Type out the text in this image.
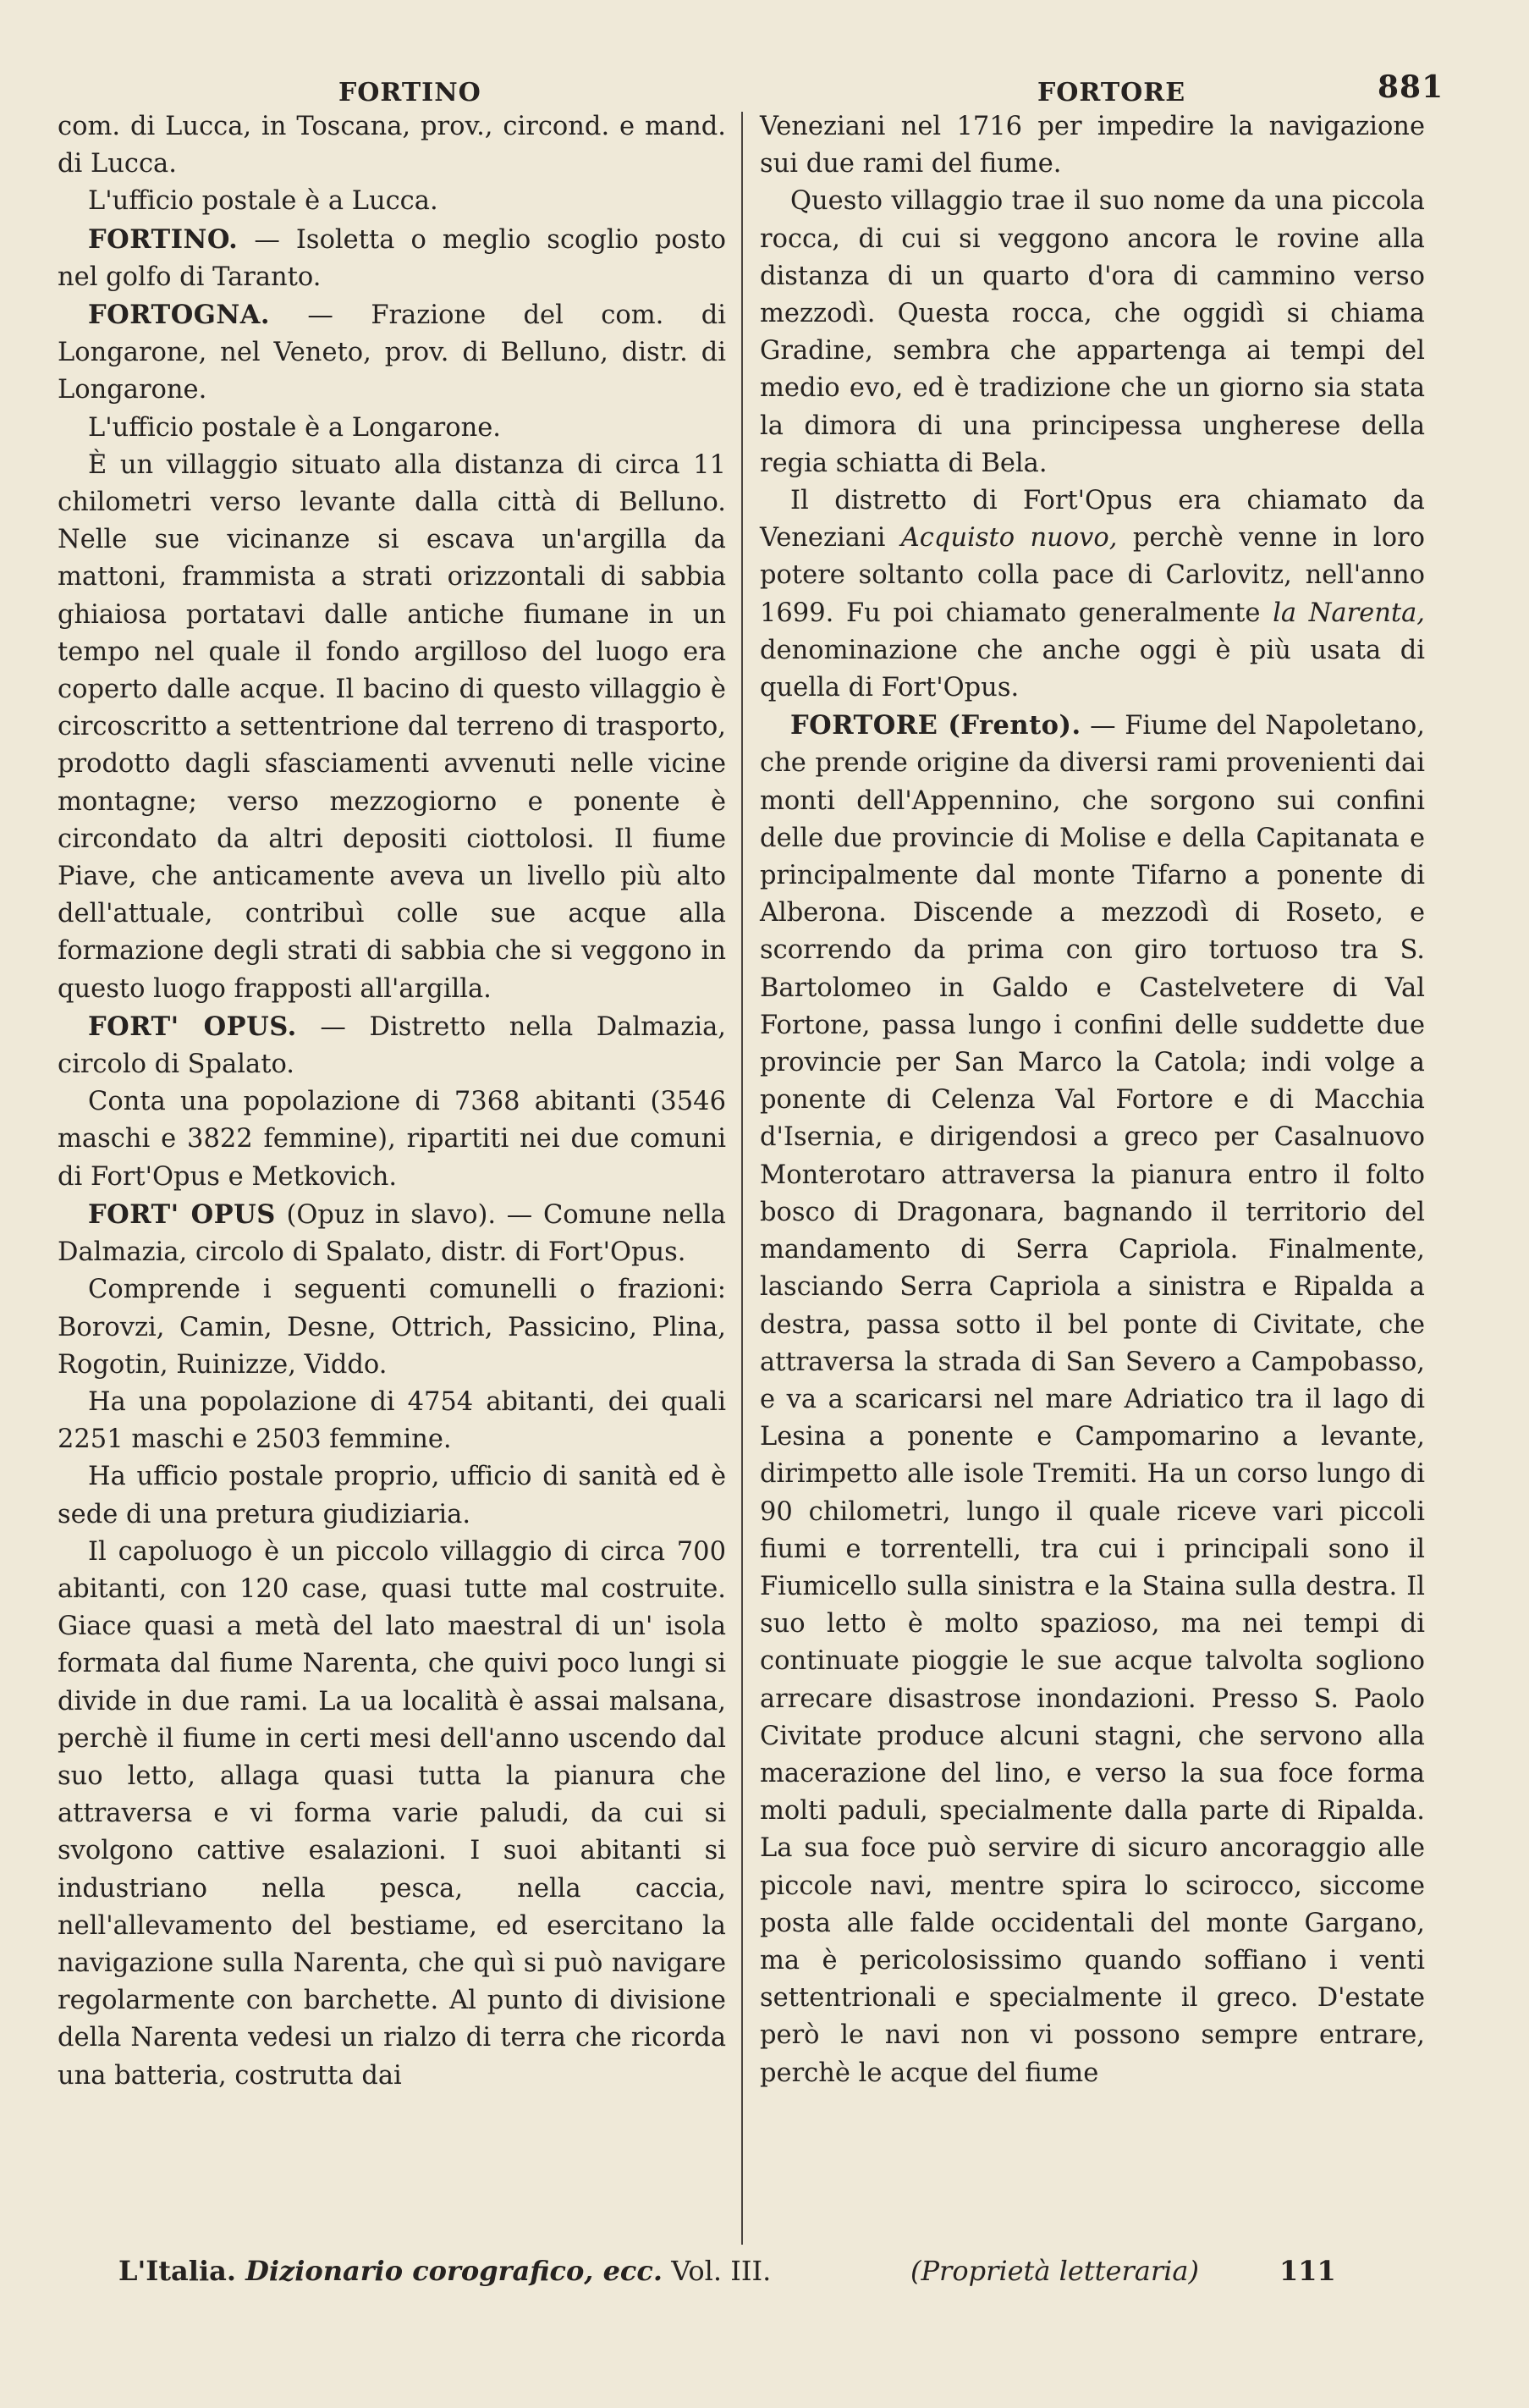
FORTINO	FORTORE	881

com. di Lucca, in Toscana, prov., circond. e mand. di Lucca.

L'ufficio postale è a Lucca.

FORTINO. — Isoletta o meglio scoglio posto nel golfo di Taranto.

FORTOGNA. — Frazione del com. di Longarone, nel Veneto, prov. di Belluno, distr. di Longarone.

L'ufficio postale è a Longarone.

È un villaggio situato alla distanza di circa 11 chilometri verso levante dalla città di Belluno. Nelle sue vicinanze si escava un'argilla da mattoni, frammista a strati orizzontali di sabbia ghiaiosa portatavi dalle antiche fiumane in un tempo nel quale il fondo argilloso del luogo era coperto dalle acque. Il bacino di questo villaggio è circoscritto a settentrione dal terreno di trasporto, prodotto dagli sfasciamenti avvenuti nelle vicine montagne; verso mezzogiorno e ponente è circondato da altri depositi ciottolosi. Il fiume Piave, che anticamente aveva un livello più alto dell'attuale, contribuì colle sue acque alla formazione degli strati di sabbia che si veggono in questo luogo frapposti all'argilla.

FORT' OPUS. — Distretto nella Dalmazia, circolo di Spalato.

Conta una popolazione di 7368 abitanti (3546 maschi e 3822 femmine), ripartiti nei due comuni di Fort'Opus e Metkovich.

FORT' OPUS (Opuz in slavo). — Comune nella Dalmazia, circolo di Spalato, distr. di Fort'Opus.

Comprende i seguenti comunelli o frazioni: Borovzi, Camin, Desne, Ottrich, Passicino, Plina, Rogotin, Ruinizze, Viddo.

Ha una popolazione di 4754 abitanti, dei quali 2251 maschi e 2503 femmine.

Ha ufficio postale proprio, ufficio di sanità ed è sede di una pretura giudiziaria.

Il capoluogo è un piccolo villaggio di circa 700 abitanti, con 120 case, quasi tutte mal costruite. Giace quasi a metà del lato maestral di un' isola formata dal fiume Narenta, che quivi poco lungi si divide in due rami. La ua località è assai malsana, perchè il fiume in certi mesi dell'anno uscendo dal suo letto, allaga quasi tutta la pianura che attraversa e vi forma varie paludi, da cui si svolgono cattive esalazioni. I suoi abitanti si industriano nella pesca, nella caccia, nell'allevamento del bestiame, ed esercitano la navigazione sulla Narenta, che quì si può navigare regolarmente con barchette. Al punto di divisione della Narenta vedesi un rialzo di terra che ricorda una batteria, costrutta dai

Veneziani nel 1716 per impedire la navigazione sui due rami del fiume.

Questo villaggio trae il suo nome da una piccola rocca, di cui si veggono ancora le rovine alla distanza di un quarto d'ora di cammino verso mezzodì. Questa rocca, che oggidì si chiama Gradine, sembra che appartenga ai tempi del medio evo, ed è tradizione che un giorno sia stata la dimora di una principessa ungherese della regia schiatta di Bela.

Il distretto di Fort'Opus era chiamato da Veneziani Acquisto nuovo, perchè venne in loro potere soltanto colla pace di Carlovitz, nell'anno 1699. Fu poi chiamato generalmente la Narenta, denominazione che anche oggi è più usata di quella di Fort'Opus.

FORTORE (Frento). — Fiume del Napoletano, che prende origine da diversi rami provenienti dai monti dell'Appennino, che sorgono sui confini delle due provincie di Molise e della Capitanata e principalmente dal monte Tifarno a ponente di Alberona. Discende a mezzodì di Roseto, e scorrendo da prima con giro tortuoso tra S. Bartolomeo in Galdo e Castelvetere di Val Fortone, passa lungo i confini delle suddette due provincie per San Marco la Catola; indi volge a ponente di Celenza Val Fortore e di Macchia d'Isernia, e dirigendosi a greco per Casalnuovo Monterotaro attraversa la pianura entro il folto bosco di Dragonara, bagnando il territorio del mandamento di Serra Capriola. Finalmente, lasciando Serra Capriola a sinistra e Ripalda a destra, passa sotto il bel ponte di Civitate, che attraversa la strada di San Severo a Campobasso, e va a scaricarsi nel mare Adriatico tra il lago di Lesina a ponente e Campomarino a levante, dirimpetto alle isole Tremiti. Ha un corso lungo di 90 chilometri, lungo il quale riceve vari piccoli fiumi e torrentelli, tra cui i principali sono il Fiumicello sulla sinistra e la Staina sulla destra. Il suo letto è molto spazioso, ma nei tempi di continuate pioggie le sue acque talvolta sogliono arrecare disastrose inondazioni. Presso S. Paolo Civitate produce alcuni stagni, che servono alla macerazione del lino, e verso la sua foce forma molti paduli, specialmente dalla parte di Ripalda. La sua foce può servire di sicuro ancoraggio alle piccole navi, mentre spira lo scirocco, siccome posta alle falde occidentali del monte Gargano, ma è pericolosissimo quando soffiano i venti settentrionali e specialmente il greco. D'estate però le navi non vi possono sempre entrare, perchè le acque del fiume

L'Italia. Dizionario corografico, ecc. Vol. III.	(Proprietà letteraria)	111
